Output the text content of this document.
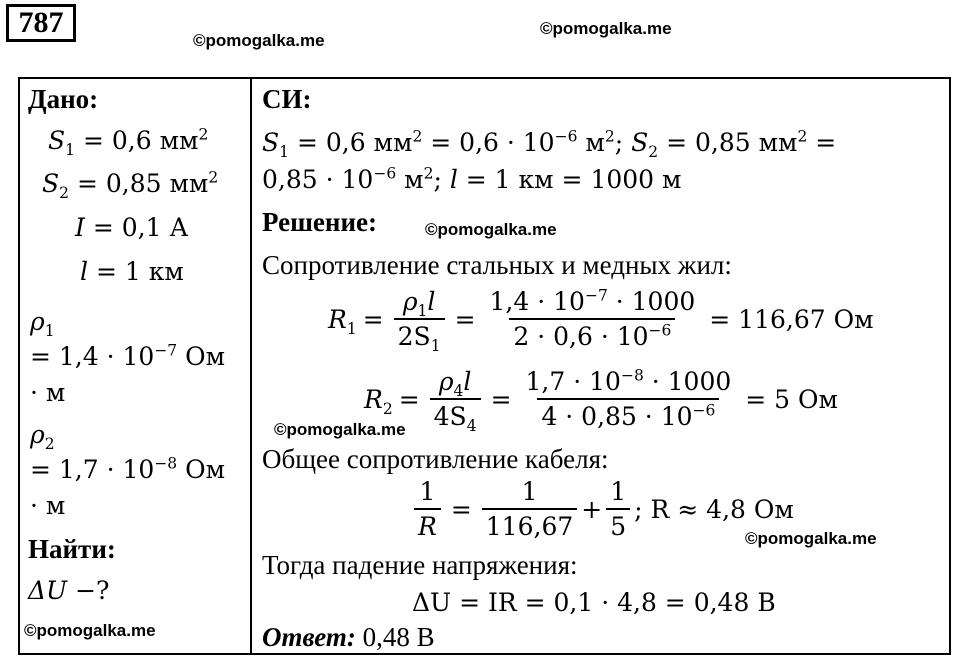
787
©pomogalka.me
©pomogalka.me
©pomogalka.me
©pomogalka.me
©pomogalka.me
©pomogalka.me
Дано:
$S_1 = 0,6$ $мм^2$
$S_2 = 0,85$ $мм^2$
I = 0,1 А
l = 1 км
$\rho_1$
= $1,4 \cdot 10^{-7}$ Ом
· м
$\rho_2$
= $1,7 \cdot 10^{-8}$ Ом
· м
Найти:
ΔU −?
СИ:
$S_1 = 0,6$ $мм^2 = 0,6 \cdot 10^{-6}$ $м^2$; $S_2 = 0,85$ $мм^2$ =
$0,85 \cdot 10^{-6}$ $м^2$; l = 1 км = 1000 м
Решение:
Сопротивление стальных и медных жил:
$R_1 = \frac{\rho_1l}{2S_1} = \frac{1,4 \cdot 10^{-7} \cdot 1000}{2 \cdot 0,6 \cdot 10^{-6}} = 116,67$ Ом
$R_2 = \frac{\rho_4l}{4S_4} = \frac{1,7 \cdot 10^{-8} \cdot 1000}{4 \cdot 0,85 \cdot 10^{-6}} = 5$ Ом
Общее сопротивление кабеля:
$\frac{1}{R} = \frac{1}{116,67} + \frac{1}{5}$ ; R ≈ 4,8 Ом
Тогда падение напряжения:
ΔU = IR = 0,1 · 4,8 = 0,48 В
Ответ: 0,48 В
